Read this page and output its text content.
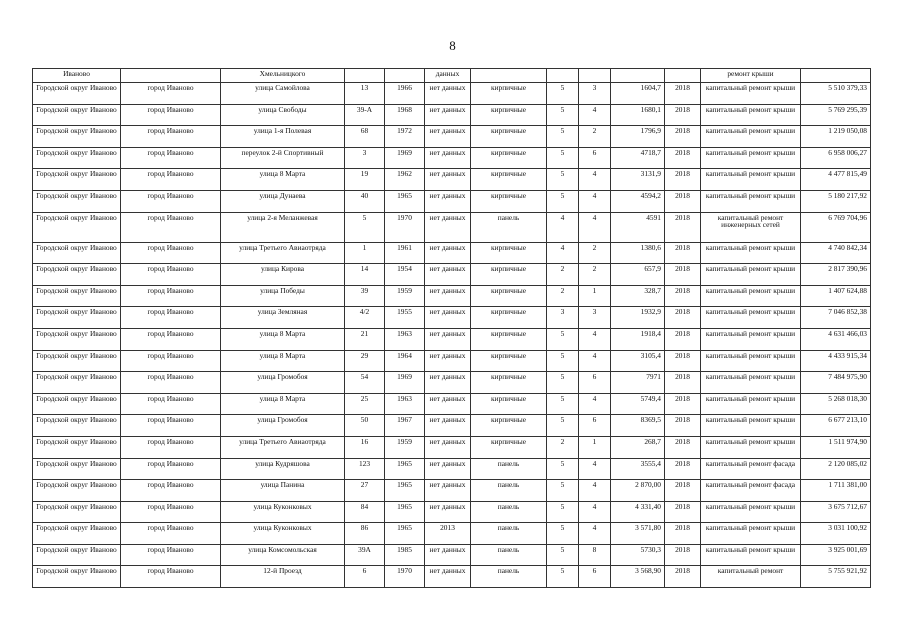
8
Иваново		Хмельницкого			данных						ремонт крыши	
Городской округ Иваново	город Иваново	улица Самойлова	13	1966	нет данных	кирпичные	5	3	1604,7	2018	капитальный ремонт крыши	5 510 379,33
Городской округ Иваново	город Иваново	улица Свободы	39-А	1968	нет данных	кирпичные	5	4	1680,1	2018	капитальный ремонт крыши	5 769 295,39
Городской округ Иваново	город Иваново	улица 1-я Полевая	68	1972	нет данных	кирпичные	5	2	1796,9	2018	капитальный ремонт крыши	1 219 050,08
Городской округ Иваново	город Иваново	переулок 2-й Спортивный	3	1969	нет данных	кирпичные	5	6	4718,7	2018	капитальный ремонт крыши	6 958 006,27
Городской округ Иваново	город Иваново	улица 8 Марта	19	1962	нет данных	кирпичные	5	4	3131,9	2018	капитальный ремонт крыши	4 477 815,49
Городской округ Иваново	город Иваново	улица Дунаева	40	1965	нет данных	кирпичные	5	4	4594,2	2018	капитальный ремонт крыши	5 180 217,92
Городской округ Иваново	город Иваново	улица 2-я Меланжевая	5	1970	нет данных	панель	4	4	4591	2018	капитальный ремонт инженерных сетей	6 769 704,96
Городской округ Иваново	город Иваново	улица Третьего Авиаотряда	1	1961	нет данных	кирпичные	4	2	1380,6	2018	капитальный ремонт крыши	4 740 842,34
Городской округ Иваново	город Иваново	улица Кирова	14	1954	нет данных	кирпичные	2	2	657,9	2018	капитальный ремонт крыши	2 817 390,96
Городской округ Иваново	город Иваново	улица Победы	39	1959	нет данных	кирпичные	2	1	328,7	2018	капитальный ремонт крыши	1 407 624,88
Городской округ Иваново	город Иваново	улица Земляная	4/2	1955	нет данных	кирпичные	3	3	1932,9	2018	капитальный ремонт крыши	7 046 852,38
Городской округ Иваново	город Иваново	улица 8 Марта	21	1963	нет данных	кирпичные	5	4	1918,4	2018	капитальный ремонт крыши	4 631 466,03
Городской округ Иваново	город Иваново	улица 8 Марта	29	1964	нет данных	кирпичные	5	4	3105,4	2018	капитальный ремонт крыши	4 433 915,34
Городской округ Иваново	город Иваново	улица Громобоя	54	1969	нет данных	кирпичные	5	6	7971	2018	капитальный ремонт крыши	7 484 975,90
Городской округ Иваново	город Иваново	улица 8 Марта	25	1963	нет данных	кирпичные	5	4	5749,4	2018	капитальный ремонт крыши	5 268 018,30
Городской округ Иваново	город Иваново	улица Громобоя	50	1967	нет данных	кирпичные	5	6	8369,5	2018	капитальный ремонт крыши	6 677 213,10
Городской округ Иваново	город Иваново	улица Третьего Авиаотряда	16	1959	нет данных	кирпичные	2	1	268,7	2018	капитальный ремонт крыши	1 511 974,90
Городской округ Иваново	город Иваново	улица Кудряшова	123	1965	нет данных	панель	5	4	3555,4	2018	капитальный ремонт фасада	2 120 085,02
Городской округ Иваново	город Иваново	улица Панина	27	1965	нет данных	панель	5	4	2 870,00	2018	капитальный ремонт фасада	1 711 381,00
Городской округ Иваново	город Иваново	улица Куконковых	84	1965	нет данных	панель	5	4	4 331,40	2018	капитальный ремонт крыши	3 675 712,67
Городской округ Иваново	город Иваново	улица Куконковых	86	1965	2013	панель	5	4	3 571,80	2018	капитальный ремонт крыши	3 031 100,92
Городской округ Иваново	город Иваново	улица Комсомольская	39А	1985	нет данных	панель	5	8	5730,3	2018	капитальный ремонт крыши	3 925 001,69
Городской округ Иваново	город Иваново	12-й Проезд	6	1970	нет данных	панель	5	6	3 568,90	2018	капитальный ремонт	5 755 921,92
